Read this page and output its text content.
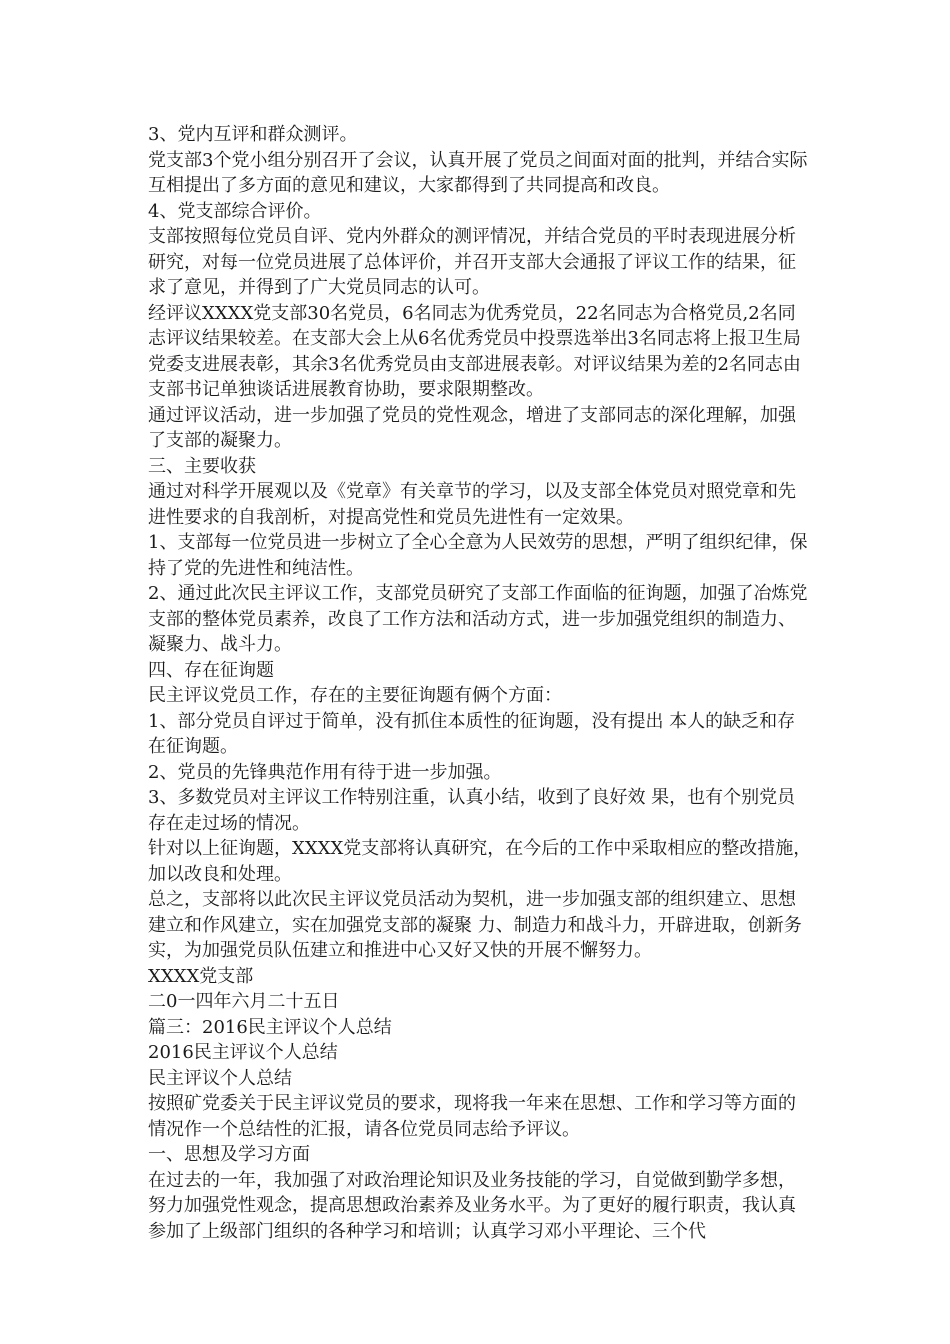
3、党内互评和群众测评。

党支部3个党小组分别召开了会议，认真开展了党员之间面对面的批判，并结合实际互相提出了多方面的意见和建议，大家都得到了共同提高和改良。

4、党支部综合评价。

支部按照每位党员自评、党内外群众的测评情况，并结合党员的平时表现进展分析研究，对每一位党员进展了总体评价，并召开支部大会通报了评议工作的结果，征求了意见，并得到了广大党员同志的认可。

经评议XXXX党支部30名党员，6名同志为优秀党员，22名同志为合格党员,2名同志评议结果较差。在支部大会上从6名优秀党员中投票选举出3名同志将上报卫生局党委支进展表彰，其余3名优秀党员由支部进展表彰。对评议结果为差的2名同志由支部书记单独谈话进展教育协助，要求限期整改。

通过评议活动，进一步加强了党员的党性观念，增进了支部同志的深化理解，加强了支部的凝聚力。

三、主要收获

通过对科学开展观以及《党章》有关章节的学习，以及支部全体党员对照党章和先进性要求的自我剖析，对提高党性和党员先进性有一定效果。

1、支部每一位党员进一步树立了全心全意为人民效劳的思想，严明了组织纪律，保持了党的先进性和纯洁性。

2、通过此次民主评议工作，支部党员研究了支部工作面临的征询题，加强了冶炼党支部的整体党员素养，改良了工作方法和活动方式，进一步加强党组织的制造力、凝聚力、战斗力。

四、存在征询题

民主评议党员工作，存在的主要征询题有俩个方面：

1、部分党员自评过于简单，没有抓住本质性的征询题，没有提出 本人的缺乏和存在征询题。

2、党员的先锋典范作用有待于进一步加强。

3、多数党员对主评议工作特别注重，认真小结，收到了良好效 果，也有个别党员存在走过场的情况。

针对以上征询题，XXXX党支部将认真研究，在今后的工作中采取相应的整改措施，加以改良和处理。

总之，支部将以此次民主评议党员活动为契机，进一步加强支部的组织建立、思想建立和作风建立，实在加强党支部的凝聚 力、制造力和战斗力，开辟进取，创新务实，为加强党员队伍建立和推进中心又好又快的开展不懈努力。

XXXX党支部

二0一四年六月二十五日

篇三：2016民主评议个人总结

2016民主评议个人总结

民主评议个人总结

按照矿党委关于民主评议党员的要求，现将我一年来在思想、工作和学习等方面的情况作一个总结性的汇报，请各位党员同志给予评议。

一、思想及学习方面

在过去的一年，我加强了对政治理论知识及业务技能的学习，自觉做到勤学多想，努力加强党性观念，提高思想政治素养及业务水平。为了更好的履行职责，我认真参加了上级部门组织的各种学习和培训；认真学习邓小平理论、三个代
